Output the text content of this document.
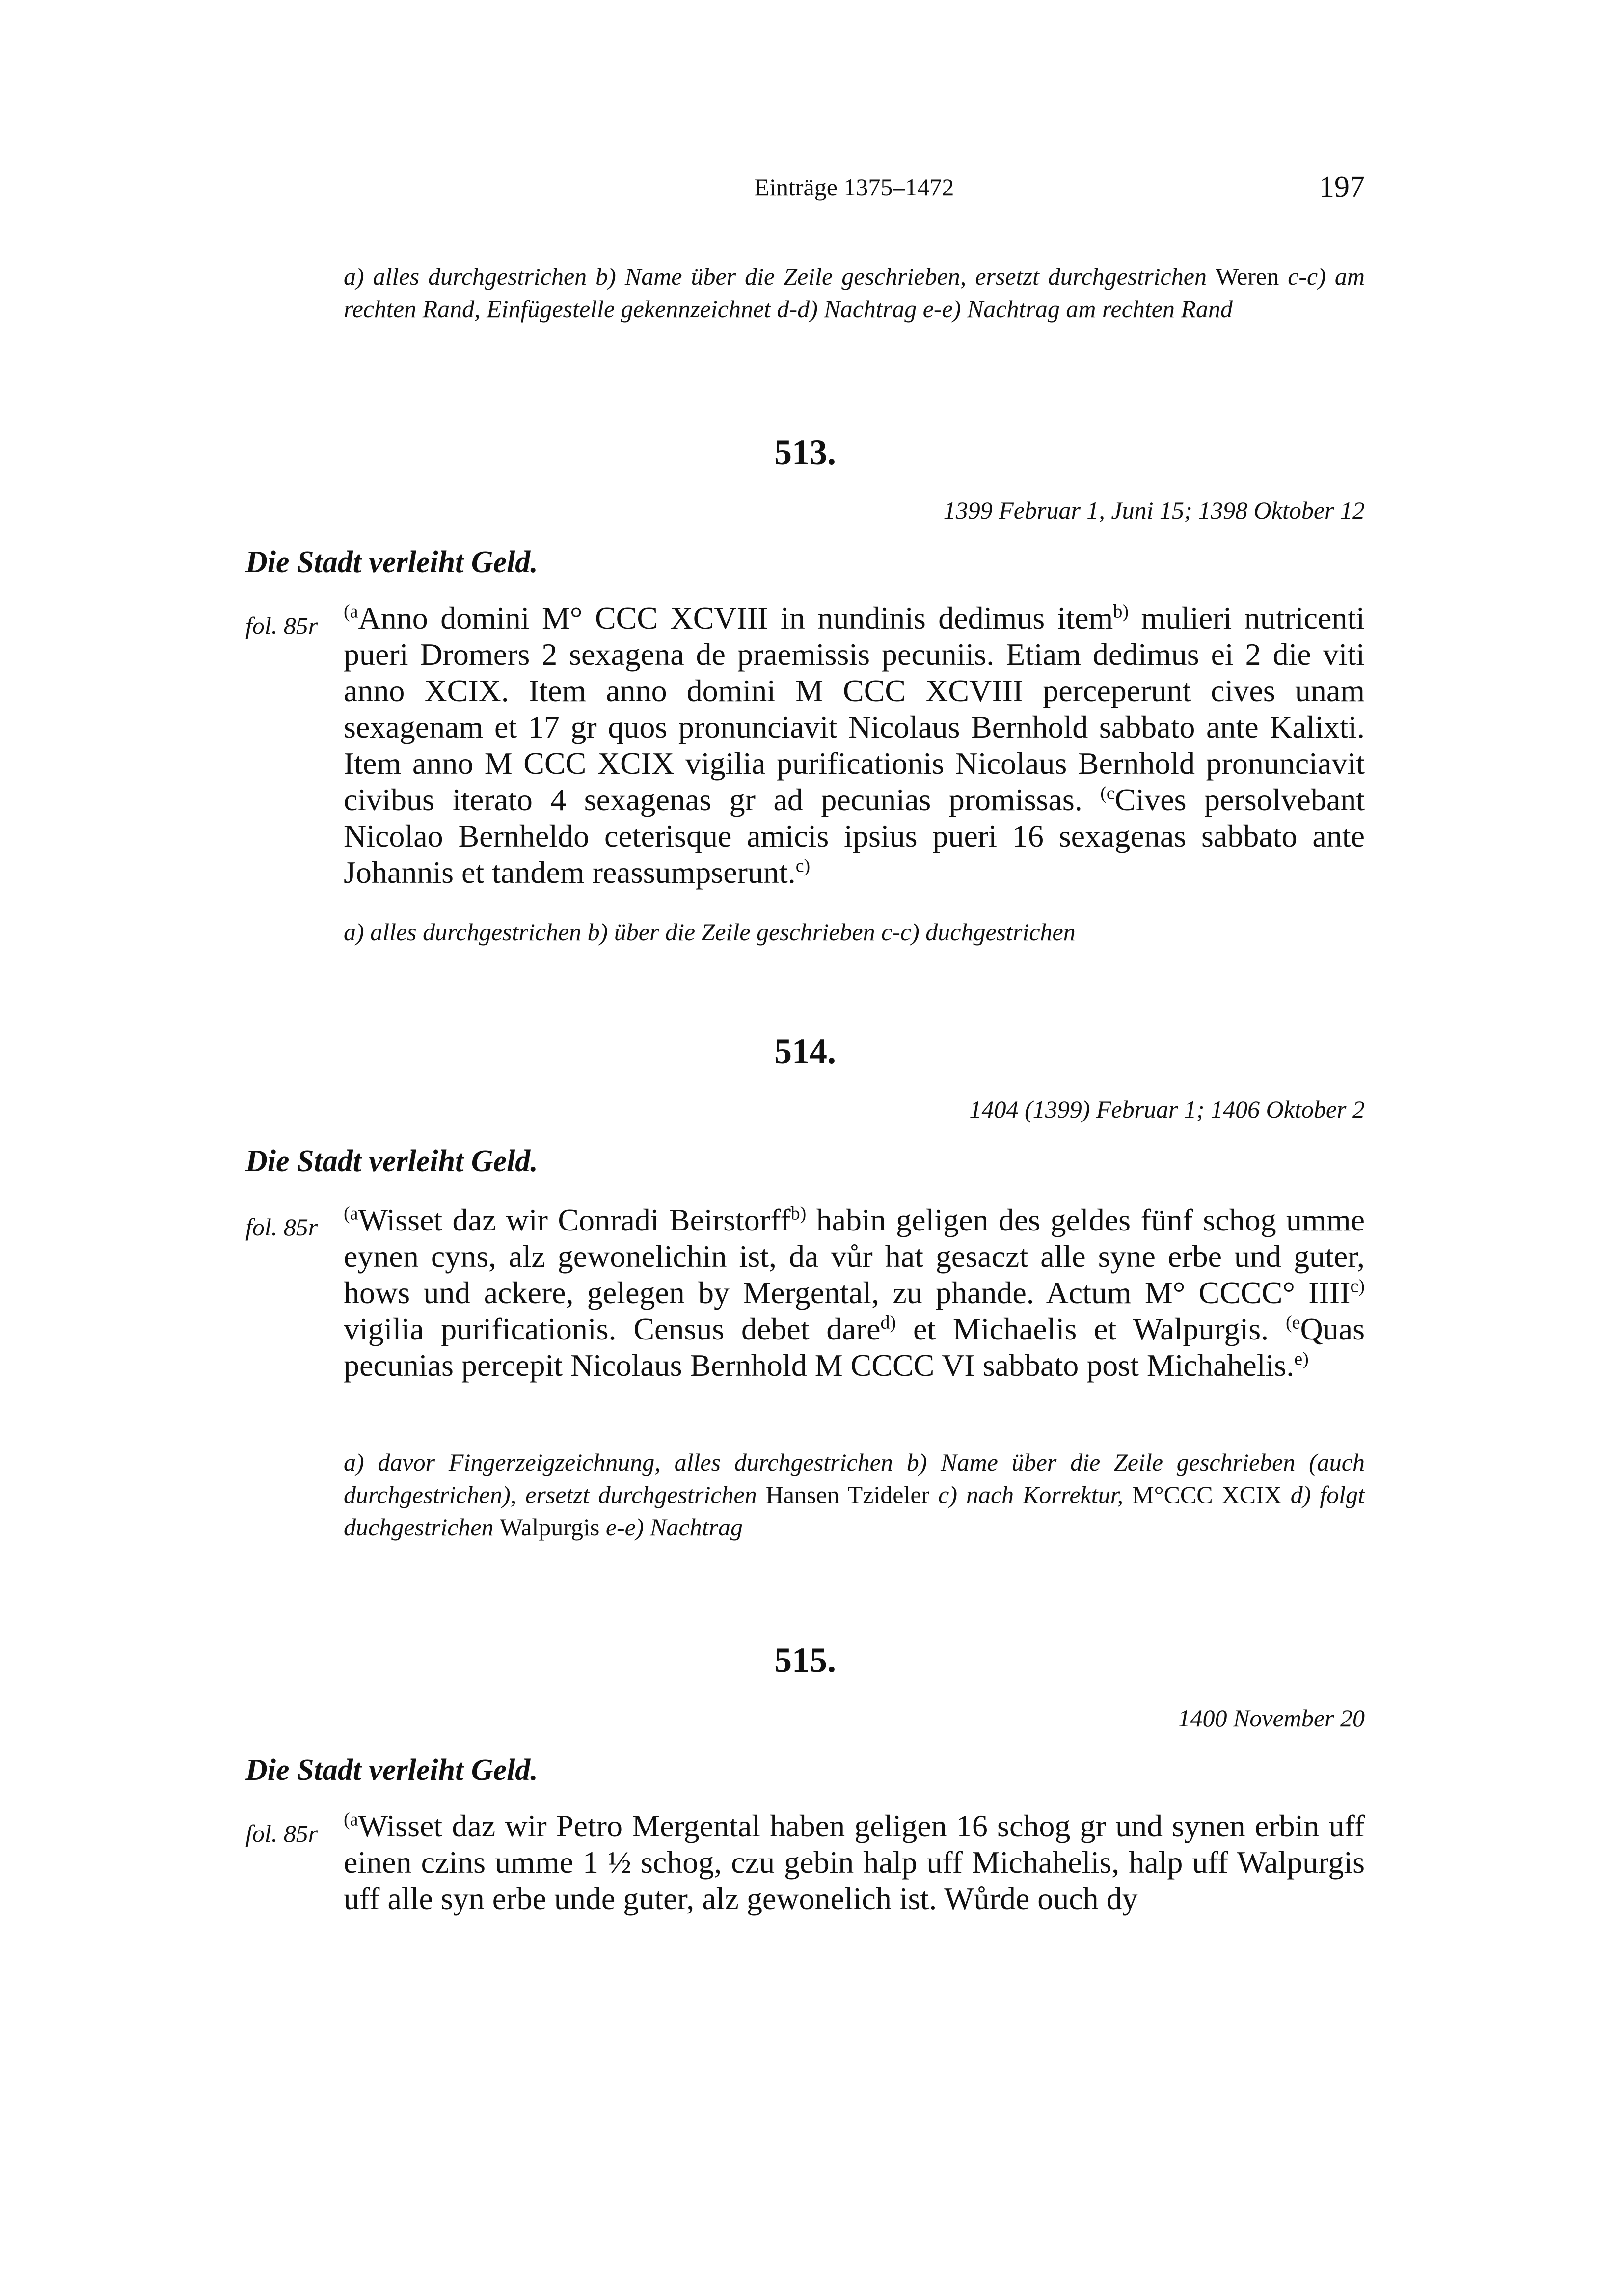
Einträge 1375–1472	197
a) alles durchgestrichen b) Name über die Zeile geschrieben, ersetzt durchgestrichen Weren c-c) am rechten Rand, Einfügestelle gekennzeichnet d-d) Nachtrag e-e) Nachtrag am rechten Rand
513.
1399 Februar 1, Juni 15; 1398 Oktober 12
Die Stadt verleiht Geld.
fol. 85r
$^{(a}$Anno domini M° CCC XCVIII in nundinis dedimus item$^{b)}$ mulieri nutricenti pueri Dromers 2 sexagena de praemissis pecuniis. Etiam dedimus ei 2 die viti anno XCIX. Item anno domini M CCC XCVIII perceperunt cives unam sexagenam et 17 gr quos pronunciavit Nicolaus Bernhold sabbato ante Kalixti. Item anno M CCC XCIX vigilia purificationis Nicolaus Bernhold pronunciavit civibus iterato 4 sexagenas gr ad pecunias promissas. $^{(c}$Cives persolvebant Nicolao Bernheldo ceterisque amicis ipsius pueri 16 sexagenas sabbato ante Johannis et tandem reassumpserunt.$^{c)}$
a) alles durchgestrichen b) über die Zeile geschrieben c-c) duchgestrichen
514.
1404 (1399) Februar 1; 1406 Oktober 2
Die Stadt verleiht Geld.
fol. 85r $^{(a}$Wisset daz wir Conradi Beirstorff$^{b)}$ habin geligen des geldes fünf schog umme eynen cyns, alz gewonelichin ist, da vůr hat gesaczt alle syne erbe und guter, hows und ackere, gelegen by Mergental, zu phande. Actum M° CCCC° IIII$^{c)}$ vigilia purificationis. Census debet dare$^{d)}$ et Michaelis et Walpurgis. $^{(e}$Quas pecunias percepit Nicolaus Bernhold M CCCC VI sabbato post Michahelis.$^{e)}$
a) davor Fingerzeigzeichnung, alles durchgestrichen b) Name über die Zeile geschrieben (auch durchgestrichen), ersetzt durchgestrichen Hansen Tzideler c) nach Korrektur, M°CCC XCIX d) folgt duchgestrichen Walpurgis e-e) Nachtrag
515.
1400 November 20
Die Stadt verleiht Geld.
fol. 85r
$^{(a}$Wisset daz wir Petro Mergental haben geligen 16 schog gr und synen erbin uff einen czins umme 1 ½ schog, czu gebin halp uff Michahelis, halp uff Walpurgis uff alle syn erbe unde guter, alz gewonelich ist. Wůrde ouch dy
